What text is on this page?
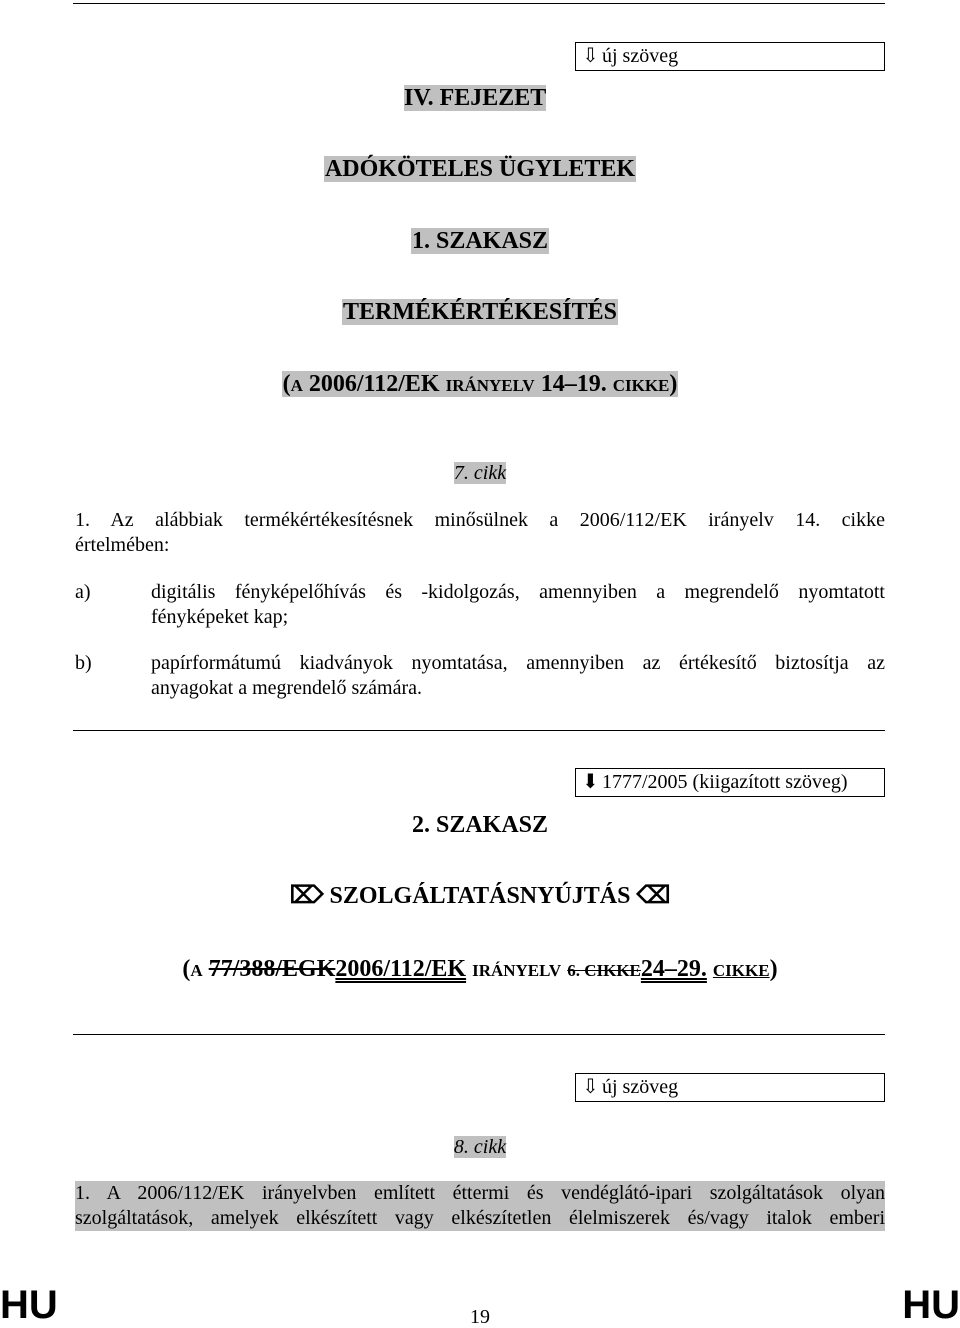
⇩ új szöveg
IV. FEJEZET
ADÓKÖTELES ÜGYLETEK
1. SZAKASZ
TERMÉKÉRTÉKESÍTÉS
(A 2006/112/EK IRÁNYELV 14–19. CIKKE)
7. cikk
1. Az alábbiak termékértékesítésnek minősülnek a 2006/112/EK irányelv 14. cikke
értelmében:
a)	digitális fényképelőhívás és -kidolgozás, amennyiben a megrendelő nyomtatott
fényképeket kap;
b)	papírformátumú kiadványok nyomtatása, amennyiben az értékesítő biztosítja az
anyagokat a megrendelő számára.
⬇ 1777/2005 (kiigazított szöveg)
2. SZAKASZ
⌦ SZOLGÁLTATÁSNYÚJTÁS ⌫
(A 77/388/EGK2006/112/EK IRÁNYELV 6. CIKKE24–29. CIKKE)
⇩ új szöveg
8. cikk
1. A 2006/112/EK irányelvben említett éttermi és vendéglátó-ipari szolgáltatások olyan
szolgáltatások, amelyek elkészített vagy elkészítetlen élelmiszerek és/vagy italok emberi
HU	19	HU
